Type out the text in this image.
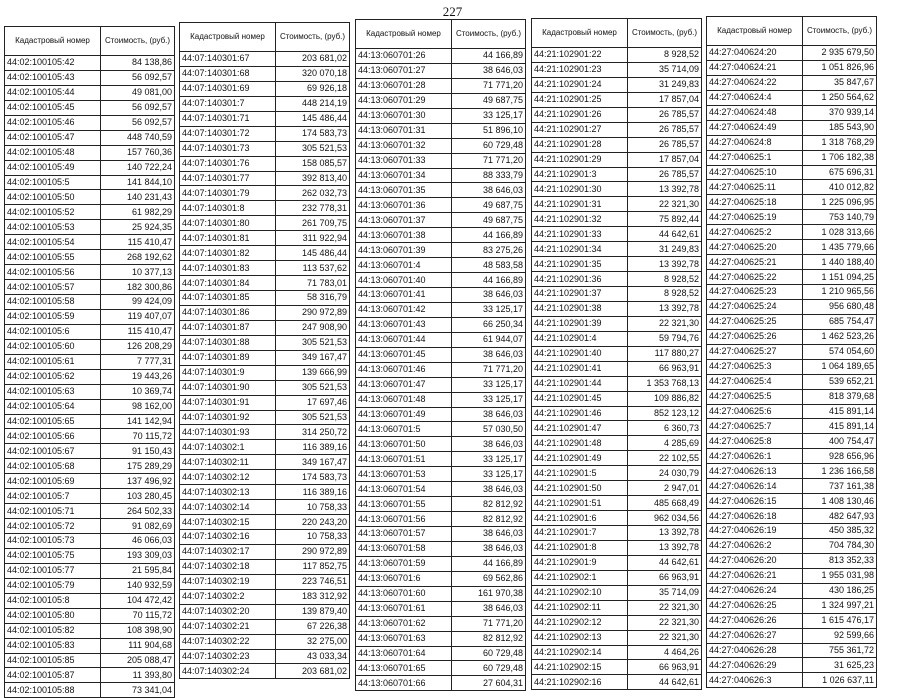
227
Кадастровый номер	Стоимость, (руб.)
44:02:100105:42	84 138,86
44:02:100105:43	56 092,57
44:02:100105:44	49 081,00
44:02:100105:45	56 092,57
44:02:100105:46	56 092,57
44:02:100105:47	448 740,59
44:02:100105:48	157 760,36
44:02:100105:49	140 722,24
44:02:100105:5	141 844,10
44:02:100105:50	140 231,43
44:02:100105:52	61 982,29
44:02:100105:53	25 924,35
44:02:100105:54	115 410,47
44:02:100105:55	268 192,62
44:02:100105:56	10 377,13
44:02:100105:57	182 300,86
44:02:100105:58	99 424,09
44:02:100105:59	119 407,07
44:02:100105:6	115 410,47
44:02:100105:60	126 208,29
44:02:100105:61	7 777,31
44:02:100105:62	19 443,26
44:02:100105:63	10 369,74
44:02:100105:64	98 162,00
44:02:100105:65	141 142,94
44:02:100105:66	70 115,72
44:02:100105:67	91 150,43
44:02:100105:68	175 289,29
44:02:100105:69	137 496,92
44:02:100105:7	103 280,45
44:02:100105:71	264 502,33
44:02:100105:72	91 082,69
44:02:100105:73	46 066,03
44:02:100105:75	193 309,03
44:02:100105:77	21 595,84
44:02:100105:79	140 932,59
44:02:100105:8	104 472,42
44:02:100105:80	70 115,72
44:02:100105:82	108 398,90
44:02:100105:83	111 904,68
44:02:100105:85	205 088,47
44:02:100105:87	11 393,80
44:02:100105:88	73 341,04
Кадастровый номер	Стоимость, (руб.)
44:07:140301:67	203 681,02
44:07:140301:68	320 070,18
44:07:140301:69	69 926,18
44:07:140301:7	448 214,19
44:07:140301:71	145 486,44
44:07:140301:72	174 583,73
44:07:140301:73	305 521,53
44:07:140301:76	158 085,57
44:07:140301:77	392 813,40
44:07:140301:79	262 032,73
44:07:140301:8	232 778,31
44:07:140301:80	261 709,75
44:07:140301:81	311 922,94
44:07:140301:82	145 486,44
44:07:140301:83	113 537,62
44:07:140301:84	71 783,01
44:07:140301:85	58 316,79
44:07:140301:86	290 972,89
44:07:140301:87	247 908,90
44:07:140301:88	305 521,53
44:07:140301:89	349 167,47
44:07:140301:9	139 666,99
44:07:140301:90	305 521,53
44:07:140301:91	17 697,46
44:07:140301:92	305 521,53
44:07:140301:93	314 250,72
44:07:140302:1	116 389,16
44:07:140302:11	349 167,47
44:07:140302:12	174 583,73
44:07:140302:13	116 389,16
44:07:140302:14	10 758,33
44:07:140302:15	220 243,20
44:07:140302:16	10 758,33
44:07:140302:17	290 972,89
44:07:140302:18	117 852,75
44:07:140302:19	223 746,51
44:07:140302:2	183 312,92
44:07:140302:20	139 879,40
44:07:140302:21	67 226,38
44:07:140302:22	32 275,00
44:07:140302:23	43 033,34
44:07:140302:24	203 681,02
Кадастровый номер	Стоимость, (руб.)
44:13:060701:26	44 166,89
44:13:060701:27	38 646,03
44:13:060701:28	71 771,20
44:13:060701:29	49 687,75
44:13:060701:30	33 125,17
44:13:060701:31	51 896,10
44:13:060701:32	60 729,48
44:13:060701:33	71 771,20
44:13:060701:34	88 333,79
44:13:060701:35	38 646,03
44:13:060701:36	49 687,75
44:13:060701:37	49 687,75
44:13:060701:38	44 166,89
44:13:060701:39	83 275,26
44:13:060701:4	48 583,58
44:13:060701:40	44 166,89
44:13:060701:41	38 646,03
44:13:060701:42	33 125,17
44:13:060701:43	66 250,34
44:13:060701:44	61 944,07
44:13:060701:45	38 646,03
44:13:060701:46	71 771,20
44:13:060701:47	33 125,17
44:13:060701:48	33 125,17
44:13:060701:49	38 646,03
44:13:060701:5	57 030,50
44:13:060701:50	38 646,03
44:13:060701:51	33 125,17
44:13:060701:53	33 125,17
44:13:060701:54	38 646,03
44:13:060701:55	82 812,92
44:13:060701:56	82 812,92
44:13:060701:57	38 646,03
44:13:060701:58	38 646,03
44:13:060701:59	44 166,89
44:13:060701:6	69 562,86
44:13:060701:60	161 970,38
44:13:060701:61	38 646,03
44:13:060701:62	71 771,20
44:13:060701:63	82 812,92
44:13:060701:64	60 729,48
44:13:060701:65	60 729,48
44:13:060701:66	27 604,31
Кадастровый номер	Стоимость, (руб.)
44:21:102901:22	8 928,52
44:21:102901:23	35 714,09
44:21:102901:24	31 249,83
44:21:102901:25	17 857,04
44:21:102901:26	26 785,57
44:21:102901:27	26 785,57
44:21:102901:28	26 785,57
44:21:102901:29	17 857,04
44:21:102901:3	26 785,57
44:21:102901:30	13 392,78
44:21:102901:31	22 321,30
44:21:102901:32	75 892,44
44:21:102901:33	44 642,61
44:21:102901:34	31 249,83
44:21:102901:35	13 392,78
44:21:102901:36	8 928,52
44:21:102901:37	8 928,52
44:21:102901:38	13 392,78
44:21:102901:39	22 321,30
44:21:102901:4	59 794,76
44:21:102901:40	117 880,27
44:21:102901:41	66 963,91
44:21:102901:44	1 353 768,13
44:21:102901:45	109 886,82
44:21:102901:46	852 123,12
44:21:102901:47	6 360,73
44:21:102901:48	4 285,69
44:21:102901:49	22 102,55
44:21:102901:5	24 030,79
44:21:102901:50	2 947,01
44:21:102901:51	485 668,49
44:21:102901:6	962 034,56
44:21:102901:7	13 392,78
44:21:102901:8	13 392,78
44:21:102901:9	44 642,61
44:21:102902:1	66 963,91
44:21:102902:10	35 714,09
44:21:102902:11	22 321,30
44:21:102902:12	22 321,30
44:21:102902:13	22 321,30
44:21:102902:14	4 464,26
44:21:102902:15	66 963,91
44:21:102902:16	44 642,61
Кадастровый номер	Стоимость, (руб.)
44:27:040624:20	2 935 679,50
44:27:040624:21	1 051 826,96
44:27:040624:22	35 847,67
44:27:040624:4	1 250 564,62
44:27:040624:48	370 939,14
44:27:040624:49	185 543,90
44:27:040624:8	1 318 768,29
44:27:040625:1	1 706 182,38
44:27:040625:10	675 696,31
44:27:040625:11	410 012,82
44:27:040625:18	1 225 096,95
44:27:040625:19	753 140,79
44:27:040625:2	1 028 313,66
44:27:040625:20	1 435 779,66
44:27:040625:21	1 440 188,40
44:27:040625:22	1 151 094,25
44:27:040625:23	1 210 965,56
44:27:040625:24	956 680,48
44:27:040625:25	685 754,47
44:27:040625:26	1 462 523,26
44:27:040625:27	574 054,60
44:27:040625:3	1 064 189,65
44:27:040625:4	539 652,21
44:27:040625:5	818 379,68
44:27:040625:6	415 891,14
44:27:040625:7	415 891,14
44:27:040625:8	400 754,47
44:27:040626:1	928 656,96
44:27:040626:13	1 236 166,58
44:27:040626:14	737 161,38
44:27:040626:15	1 408 130,46
44:27:040626:18	482 647,93
44:27:040626:19	450 385,32
44:27:040626:2	704 784,30
44:27:040626:20	813 352,33
44:27:040626:21	1 955 031,98
44:27:040626:24	430 186,25
44:27:040626:25	1 324 997,21
44:27:040626:26	1 615 476,17
44:27:040626:27	92 599,66
44:27:040626:28	755 361,72
44:27:040626:29	31 625,23
44:27:040626:3	1 026 637,11
